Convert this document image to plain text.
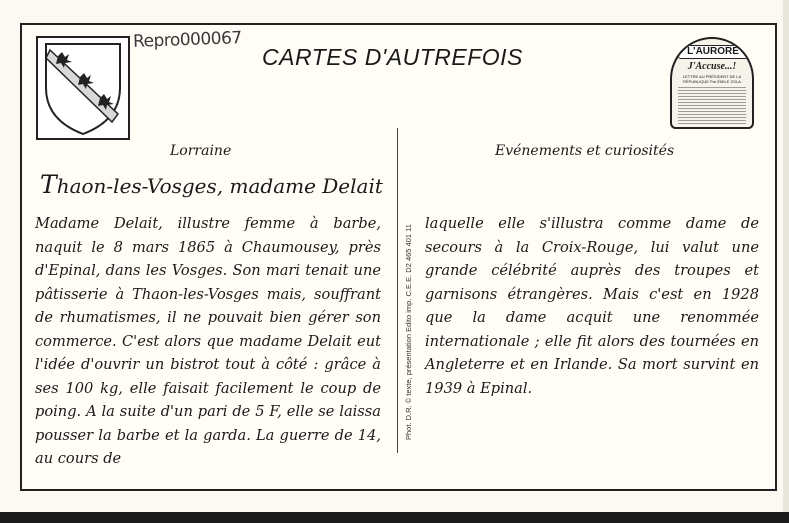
Repro000067
CARTES D'AUTREFOIS	L'AURORE
J'Accuse...!
LETTRE AU PRÉSIDENT DE LA RÉPUBLIQUE Par ÉMILE ZOLA
Lorraine	Evénements et curiosités
Thaon-les-Vosges, madame Delait

Madame Delait, illustre femme à barbe, naquit le 8 mars 1865 à Chaumousey, près d'Epinal, dans les Vosges. Son mari tenait une pâtisserie à Thaon-les-Vosges mais, souffrant de rhumatismes, il ne pouvait bien gérer son commerce. C'est alors que madame Delait eut l'idée d'ouvrir un bistrot tout à côté : grâce à ses 100 kg, elle faisait facilement le coup de poing. A la suite d'un pari de 5 F, elle se laissa pousser la barbe et la garda. La guerre de 14, au cours de

Phot. D.R. © texte, présentation Edito imp. C.E.E. D2 465 401 11

laquelle elle s'illustra comme dame de secours à la Croix-Rouge, lui valut une grande célébrité auprès des troupes et garnisons étrangères. Mais c'est en 1928 que la dame acquit une renommée internationale ; elle fit alors des tournées en Angleterre et en Irlande. Sa mort survint en 1939 à Epinal.
